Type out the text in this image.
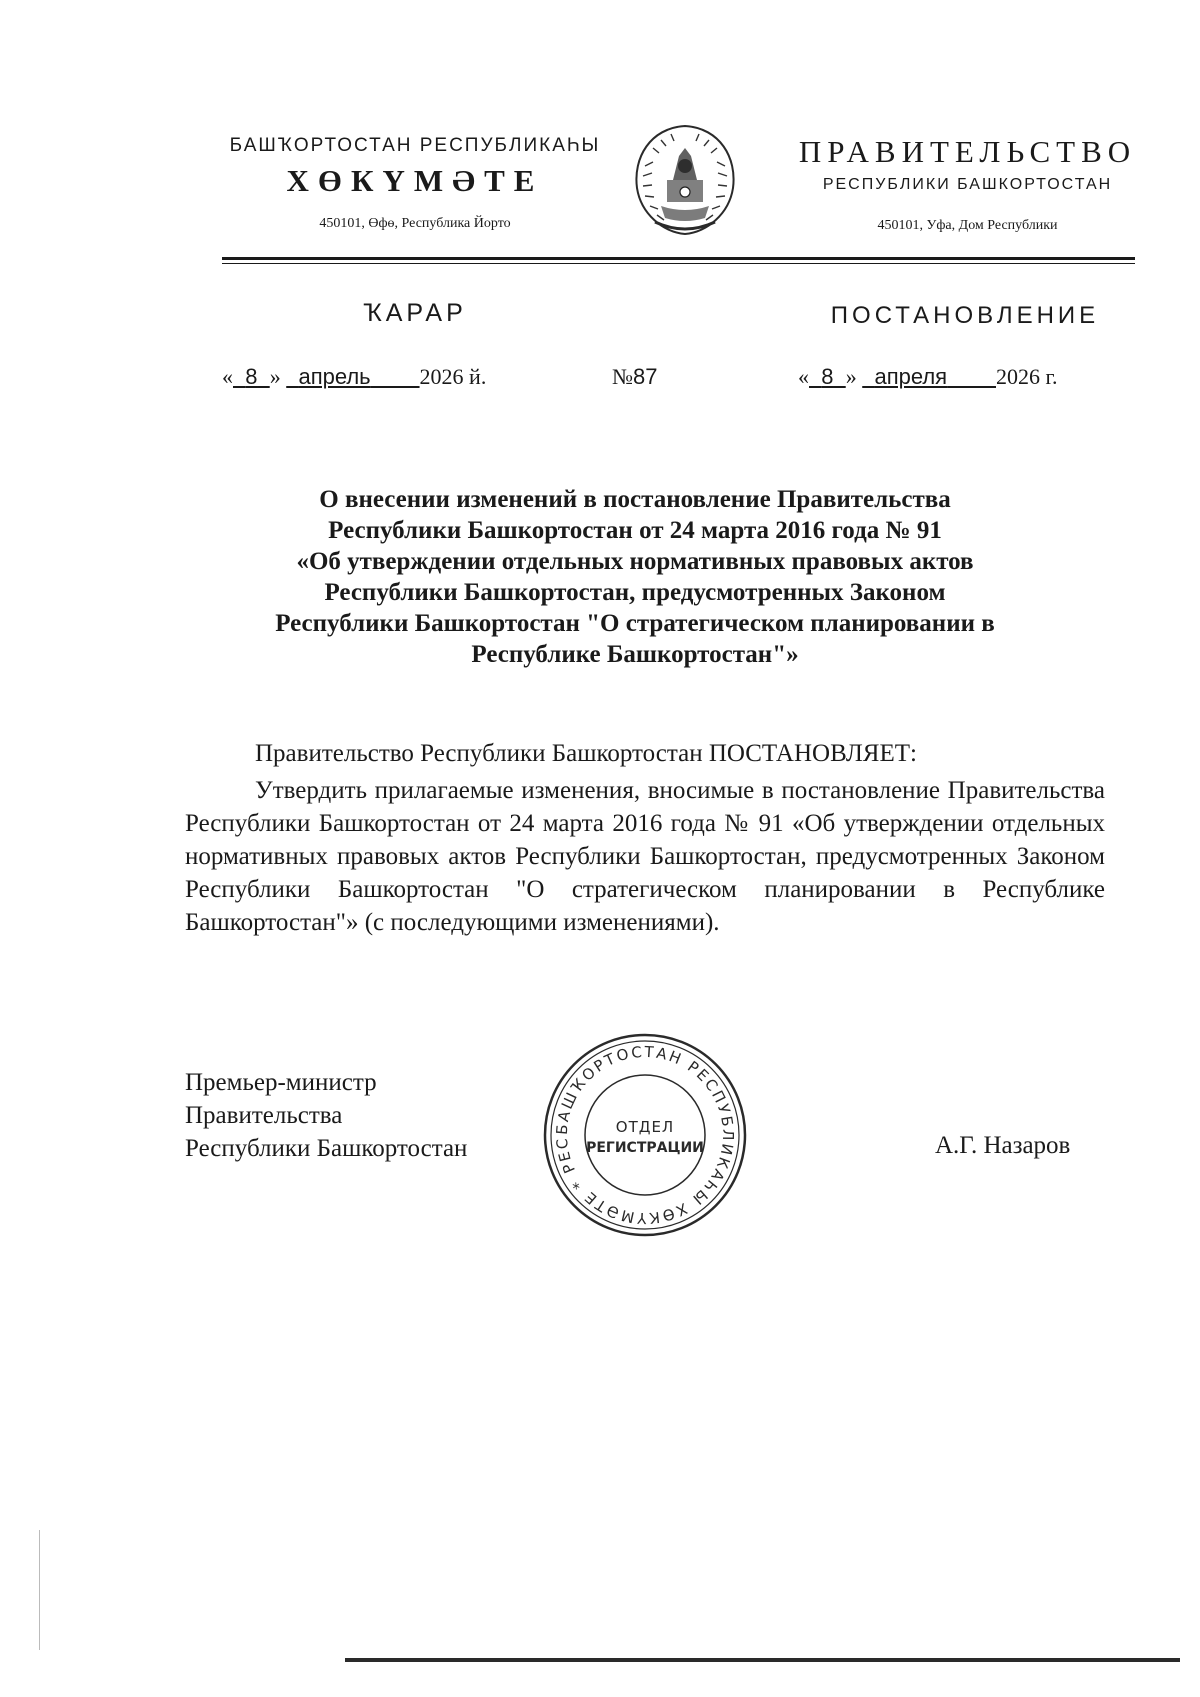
БАШҠОРТОСТАН РЕСПУБЛИКАҺЫ
ХӨКҮМӘТЕ
450101, Өфө, Республика Йорто
ПРАВИТЕЛЬСТВО
РЕСПУБЛИКИ БАШКОРТОСТАН
450101, Уфа, Дом Республики
ҠАРАР	ПОСТАНОВЛЕНИЕ
« 8 » апрель 2026 й.	№87	« 8 » апреля 2026 г.
О внесении изменений в постановление Правительства
Республики Башкортостан от 24 марта 2016 года № 91
«Об утверждении отдельных нормативных правовых актов
Республики Башкортостан, предусмотренных Законом
Республики Башкортостан "О стратегическом планировании в
Республике Башкортостан"»
Правительство Республики Башкортостан ПОСТАНОВЛЯЕТ:
Утвердить прилагаемые изменения, вносимые в постановление Правительства Республики Башкортостан от 24 марта 2016 года № 91 «Об утверждении отдельных нормативных правовых актов Республики Башкортостан, предусмотренных Законом Республики Башкортостан "О стратегическом планировании в Республике Башкортостан"» (с последующими изменениями).
Премьер-министр
Правительства
Республики Башкортостан
БАШҠОРТОСТАН РЕСПУБЛИКАҺЫ ХӨКҮМӘТЕ * РЕС
ОТДЕЛ
РЕГИСТРАЦИИ	А.Г. Назаров
